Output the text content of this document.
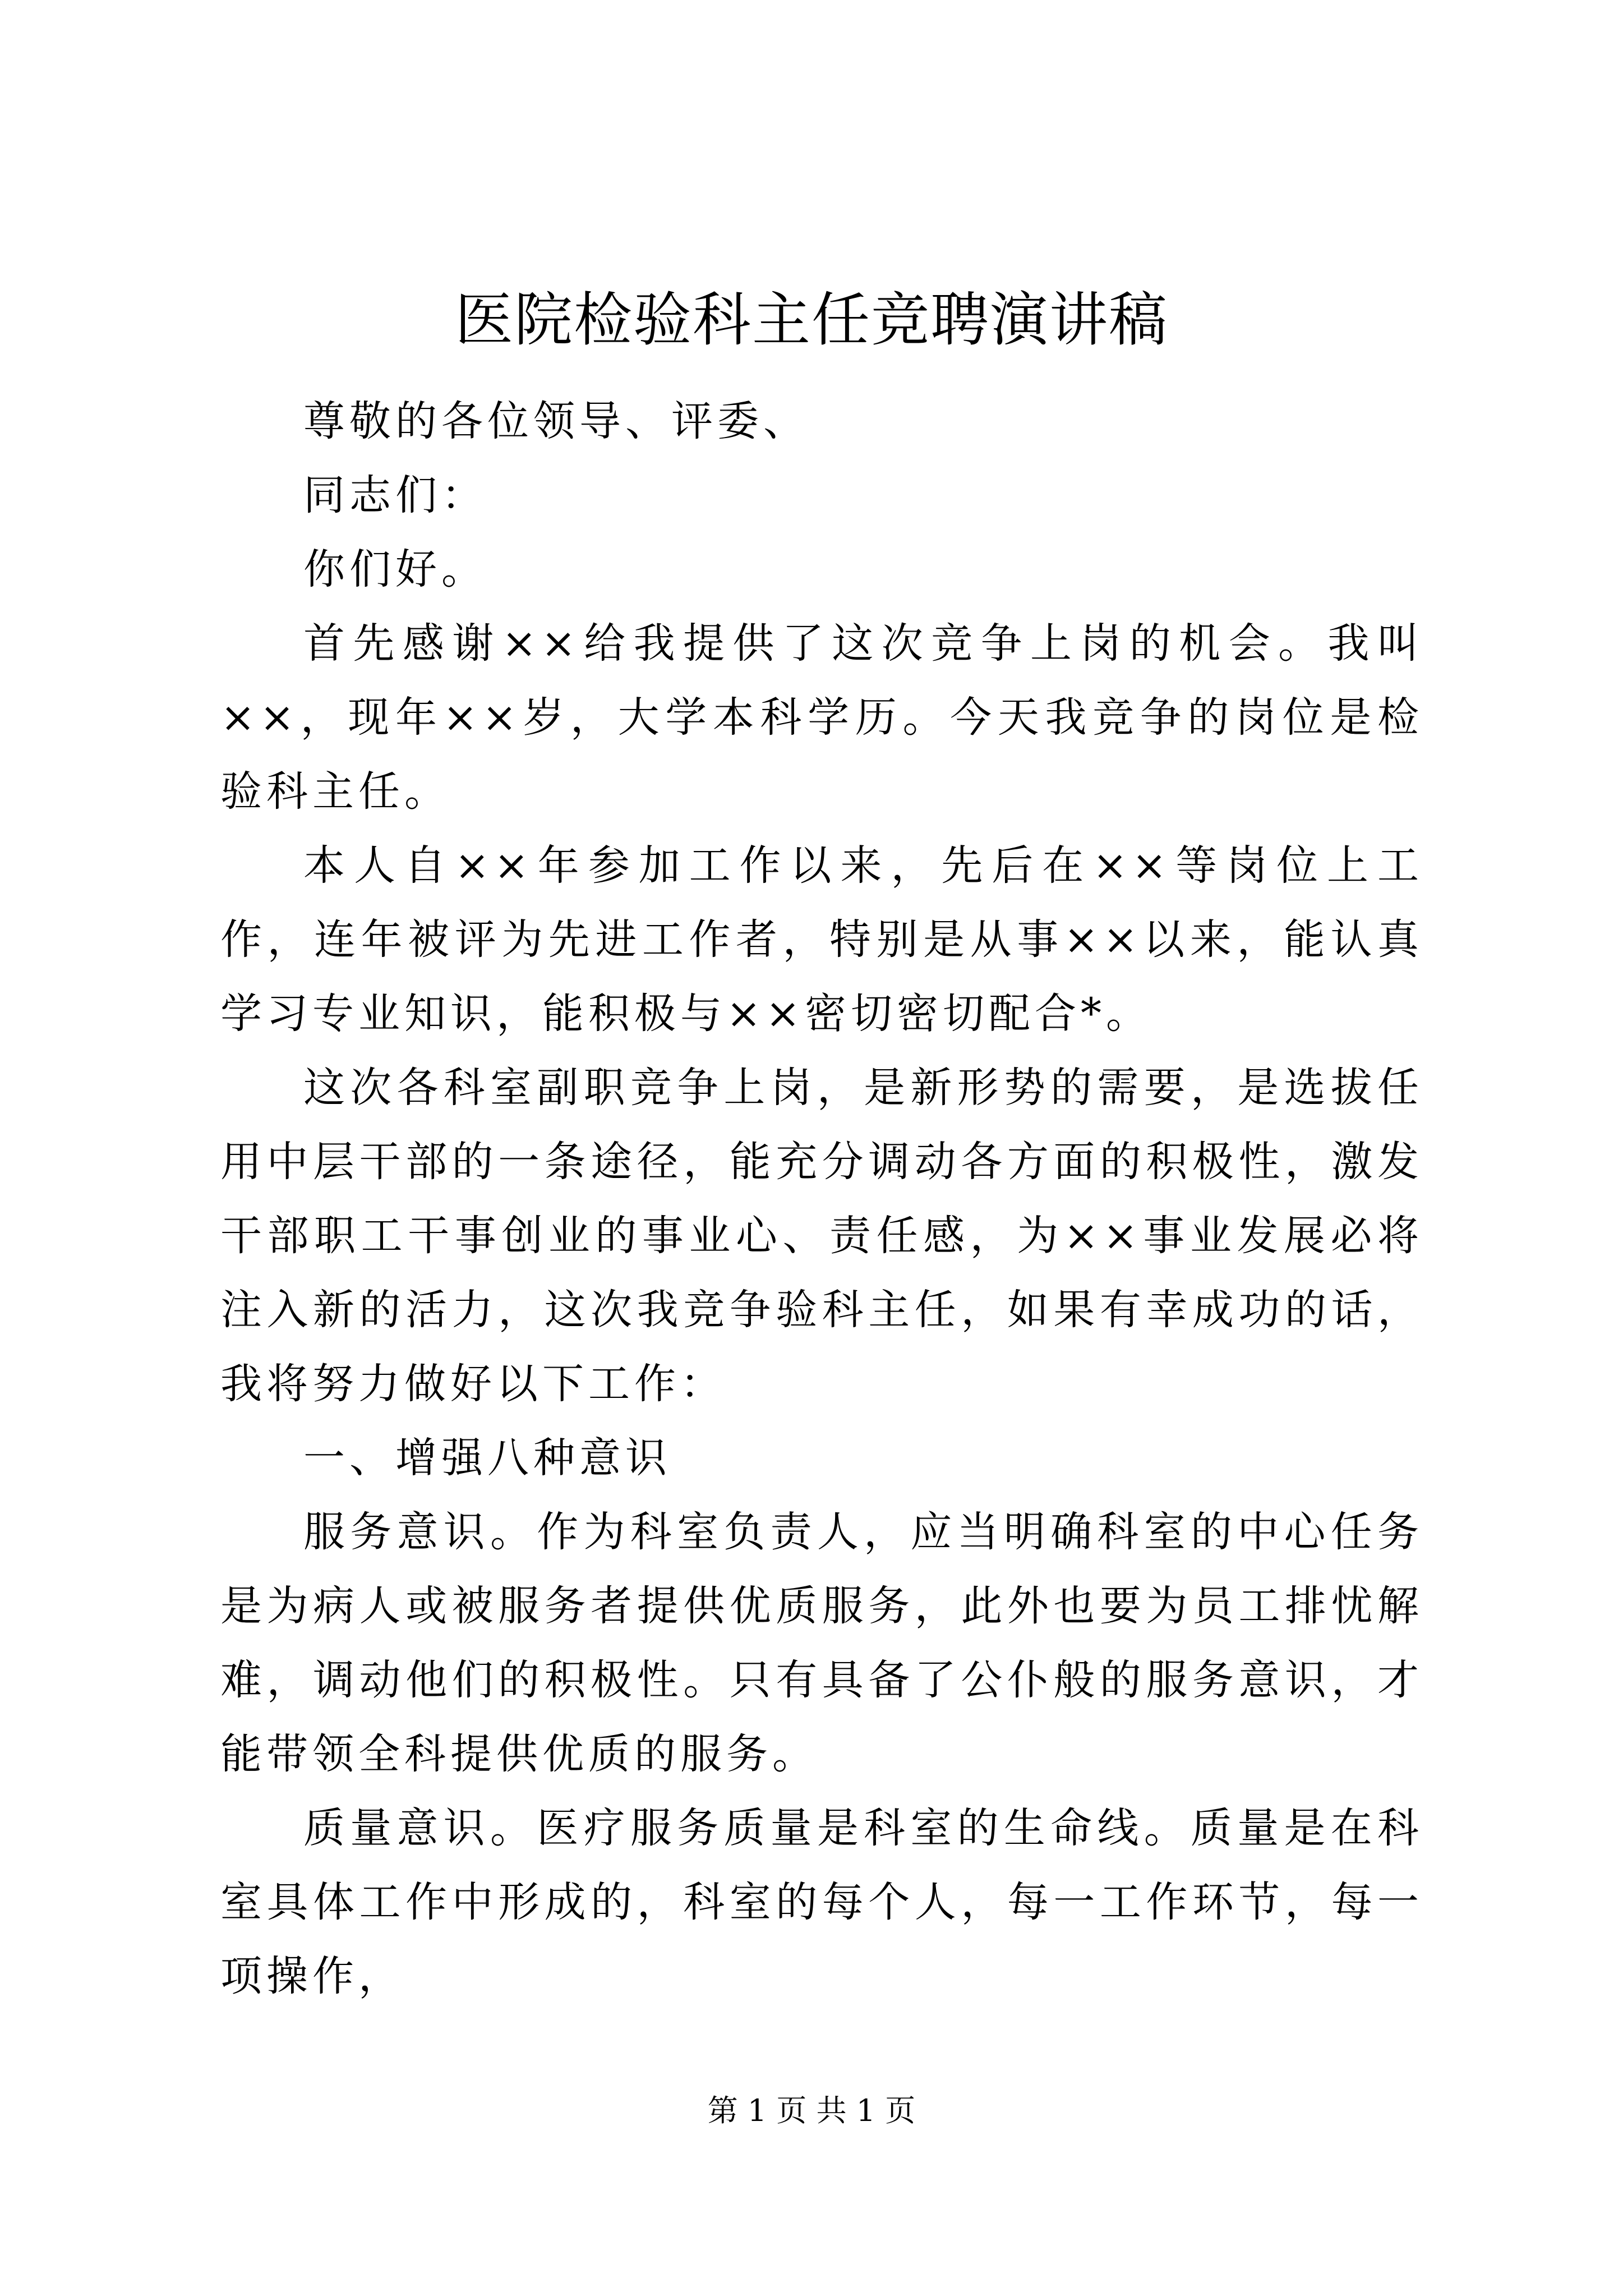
医院检验科主任竞聘演讲稿

尊敬的各位领导、评委、

同志们：

你们好。

首先感谢××给我提供了这次竞争上岗的机会。我叫××，现年××岁，大学本科学历。今天我竞争的岗位是检验科主任。

本人自××年参加工作以来，先后在××等岗位上工作，连年被评为先进工作者，特别是从事××以来，能认真学习专业知识，能积极与××密切密切配合*。

这次各科室副职竞争上岗，是新形势的需要，是选拔任用中层干部的一条途径，能充分调动各方面的积极性，激发干部职工干事创业的事业心、责任感，为××事业发展必将注入新的活力，这次我竞争验科主任，如果有幸成功的话，我将努力做好以下工作：

一、增强八种意识

服务意识。作为科室负责人，应当明确科室的中心任务是为病人或被服务者提供优质服务，此外也要为员工排忧解难，调动他们的积极性。只有具备了公仆般的服务意识，才能带领全科提供优质的服务。

质量意识。医疗服务质量是科室的生命线。质量是在科室具体工作中形成的，科室的每个人，每一工作环节，每一项操作，

第 1 页 共 1 页
